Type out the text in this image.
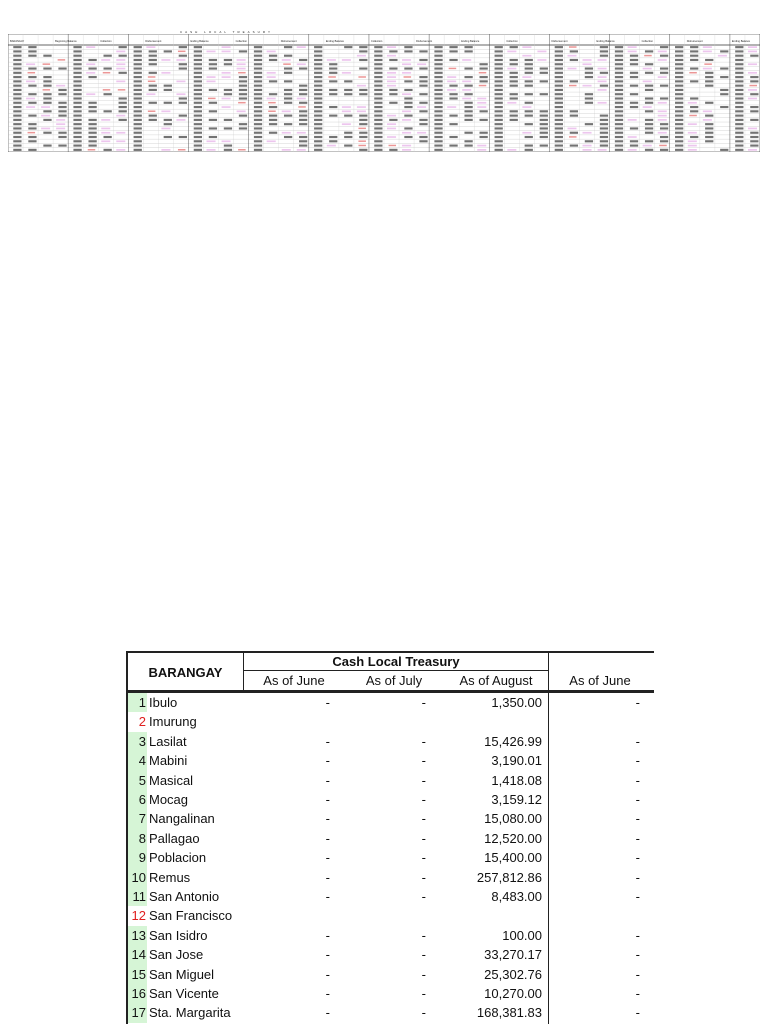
CASH LOCAL TREASURY
BARANGAY	Beginning Balance	Collection	Disbursement	Ending Balance	Collection	Disbursement	Ending Balance	Collection	Disbursement	Ending Balance	Collection	Disbursement	Ending Balance	Collection	Disbursement	Ending Balance
BARANGAY
Cash Local Treasury
As of June	As of July	As of August	As of June
1 Ibulo	-	-	1,350.00	-
2 Imurung
3 Lasilat	-	-	15,426.99	-
4 Mabini	-	-	3,190.01	-
5 Masical	-	-	1,418.08	-
6 Mocag	-	-	3,159.12	-
7 Nangalinan	-	-	15,080.00	-
8 Pallagao	-	-	12,520.00	-
9 Poblacion	-	-	15,400.00	-
10 Remus	-	-	257,812.86	-
11 San Antonio	-	-	8,483.00	-
12 San Francisco
13 San Isidro	-	-	100.00	-
14 San Jose	-	-	33,270.17	-
15 San Miguel	-	-	25,302.76	-
16 San Vicente	-	-	10,270.00	-
17 Sta. Margarita	-	-	168,381.83	-
